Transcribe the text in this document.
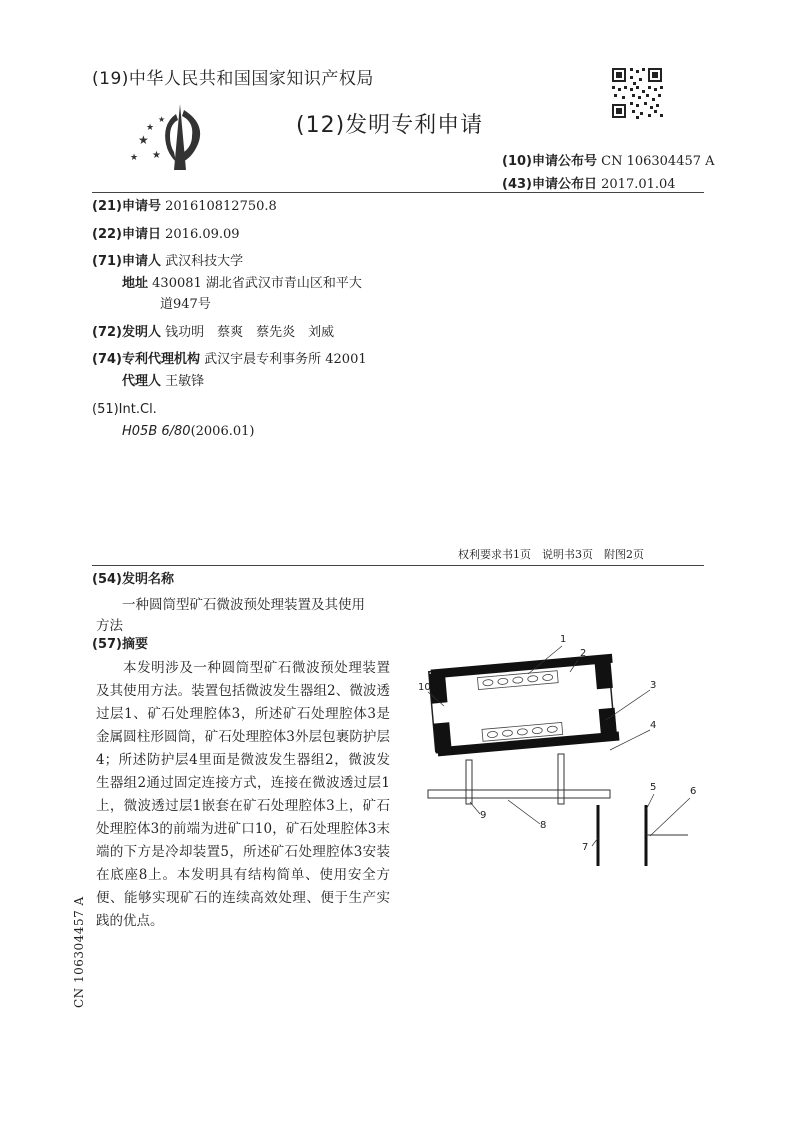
(19)中华人民共和国国家知识产权局
★
★
★
★
★
(12)发明专利申请
(10)申请公布号 CN 106304457 A
(43)申请公布日 2017.01.04
(21)申请号 201610812750.8
(22)申请日 2016.09.09
(71)申请人 武汉科技大学
地址 430081 湖北省武汉市青山区和平大
道947号
(72)发明人 钱功明　蔡爽　蔡先炎　刘威
(74)专利代理机构 武汉宇晨专利事务所 42001
代理人 王敏锋
(51)Int.Cl.
H05B 6/80(2006.01)
权利要求书1页　说明书3页　附图2页
(54)发明名称
一种圆筒型矿石微波预处理装置及其使用
方法
(57)摘要
本发明涉及一种圆筒型矿石微波预处理装置及其使用方法。装置包括微波发生器组2、微波透过层1、矿石处理腔体3，所述矿石处理腔体3是金属圆柱形圆筒，矿石处理腔体3外层包裹防护层4；所述防护层4里面是微波发生器组2，微波发生器组2通过固定连接方式，连接在微波透过层1上，微波透过层1嵌套在矿石处理腔体3上，矿石处理腔体3的前端为进矿口10，矿石处理腔体3末端的下方是冷却装置5，所述矿石处理腔体3安装在底座8上。本发明具有结构简单、使用安全方便、能够实现矿石的连续高效处理、便于生产实践的优点。
1
2
3
4
5	6
7
8
9
10
CN 106304457 A
